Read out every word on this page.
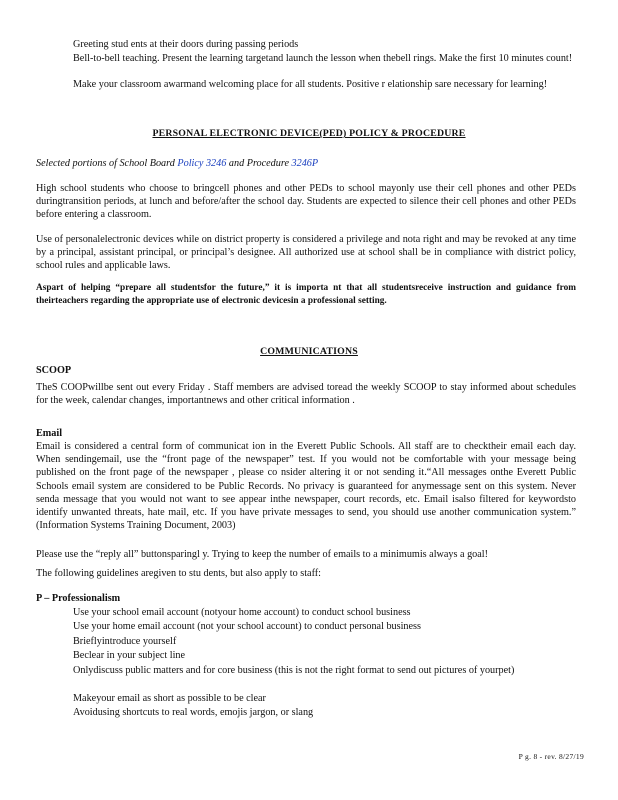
Greeting stud ents at their doors during passing periods
Bell-to-bell teaching. Present the learning targetand launch the lesson when thebell rings. Make the first 10 minutes count!
Make your classroom awarmand welcoming place for all students. Positive r elationship sare necessary for learning!
PERSONAL ELECTRONIC DEVICE(PED) POLICY & PROCEDURE
Selected portions of School Board Policy 3246 and Procedure 3246P
High school students who choose to bringcell phones and other PEDs to school mayonly use their cell phones and other PEDs duringtransition periods, at lunch and before/after the school day. Students are expected to silence their cell phones and other PEDs before entering a classroom.
Use of personalelectronic devices while on district property is considered a privilege and nota right and may be revoked at any time by a principal, assistant principal, or principal’s designee. All authorized use at school shall be in compliance with district policy, school rules and applicable laws.
Aspart of helping “prepare all studentsfor the future,” it is importa nt that all studentsreceive instruction and guidance from theirteachers regarding the appropriate use of electronic devicesin a professional setting.
COMMUNICATIONS
SCOOP
TheS COOPwillbe sent out every Friday . Staff members are advised toread the weekly SCOOP to stay informed about schedules for the week, calendar changes, importantnews and other critical information .
Email
Email is considered a central form of communicat ion in the Everett Public Schools. All staff are to checktheir email each day. When sendingemail, use the “front page of the newspaper” test. If you would not be comfortable with your message being published on the front page of the newspaper , please co nsider altering it or not sending it.“All messages onthe Everett Public Schools email system are considered to be Public Records. No privacy is guaranteed for anymessage sent on this system. Never senda message that you would not want to see appear inthe newspaper, court records, etc. Email isalso filtered for keywordsto identify unwanted threats, hate mail, etc. If you have private messages to send, you should use another communication system.” (Information Systems Training Document, 2003)
Please use the “reply all” buttonsparingl y. Trying to keep the number of emails to a minimumis always a goal!
The following guidelines aregiven to stu dents, but also apply to staff:
P – Professionalism
Use your school email account (notyour home account) to conduct school business
Use your home email account (not your school account) to conduct personal business
Brieflyintroduce yourself
Beclear in your subject line
Onlydiscuss public matters and for core business (this is not the right format to send out pictures of yourpet)
Makeyour email as short as possible to be clear
Avoidusing shortcuts to real words, emojis jargon, or slang
P g. 8 - rev. 8/27/19
